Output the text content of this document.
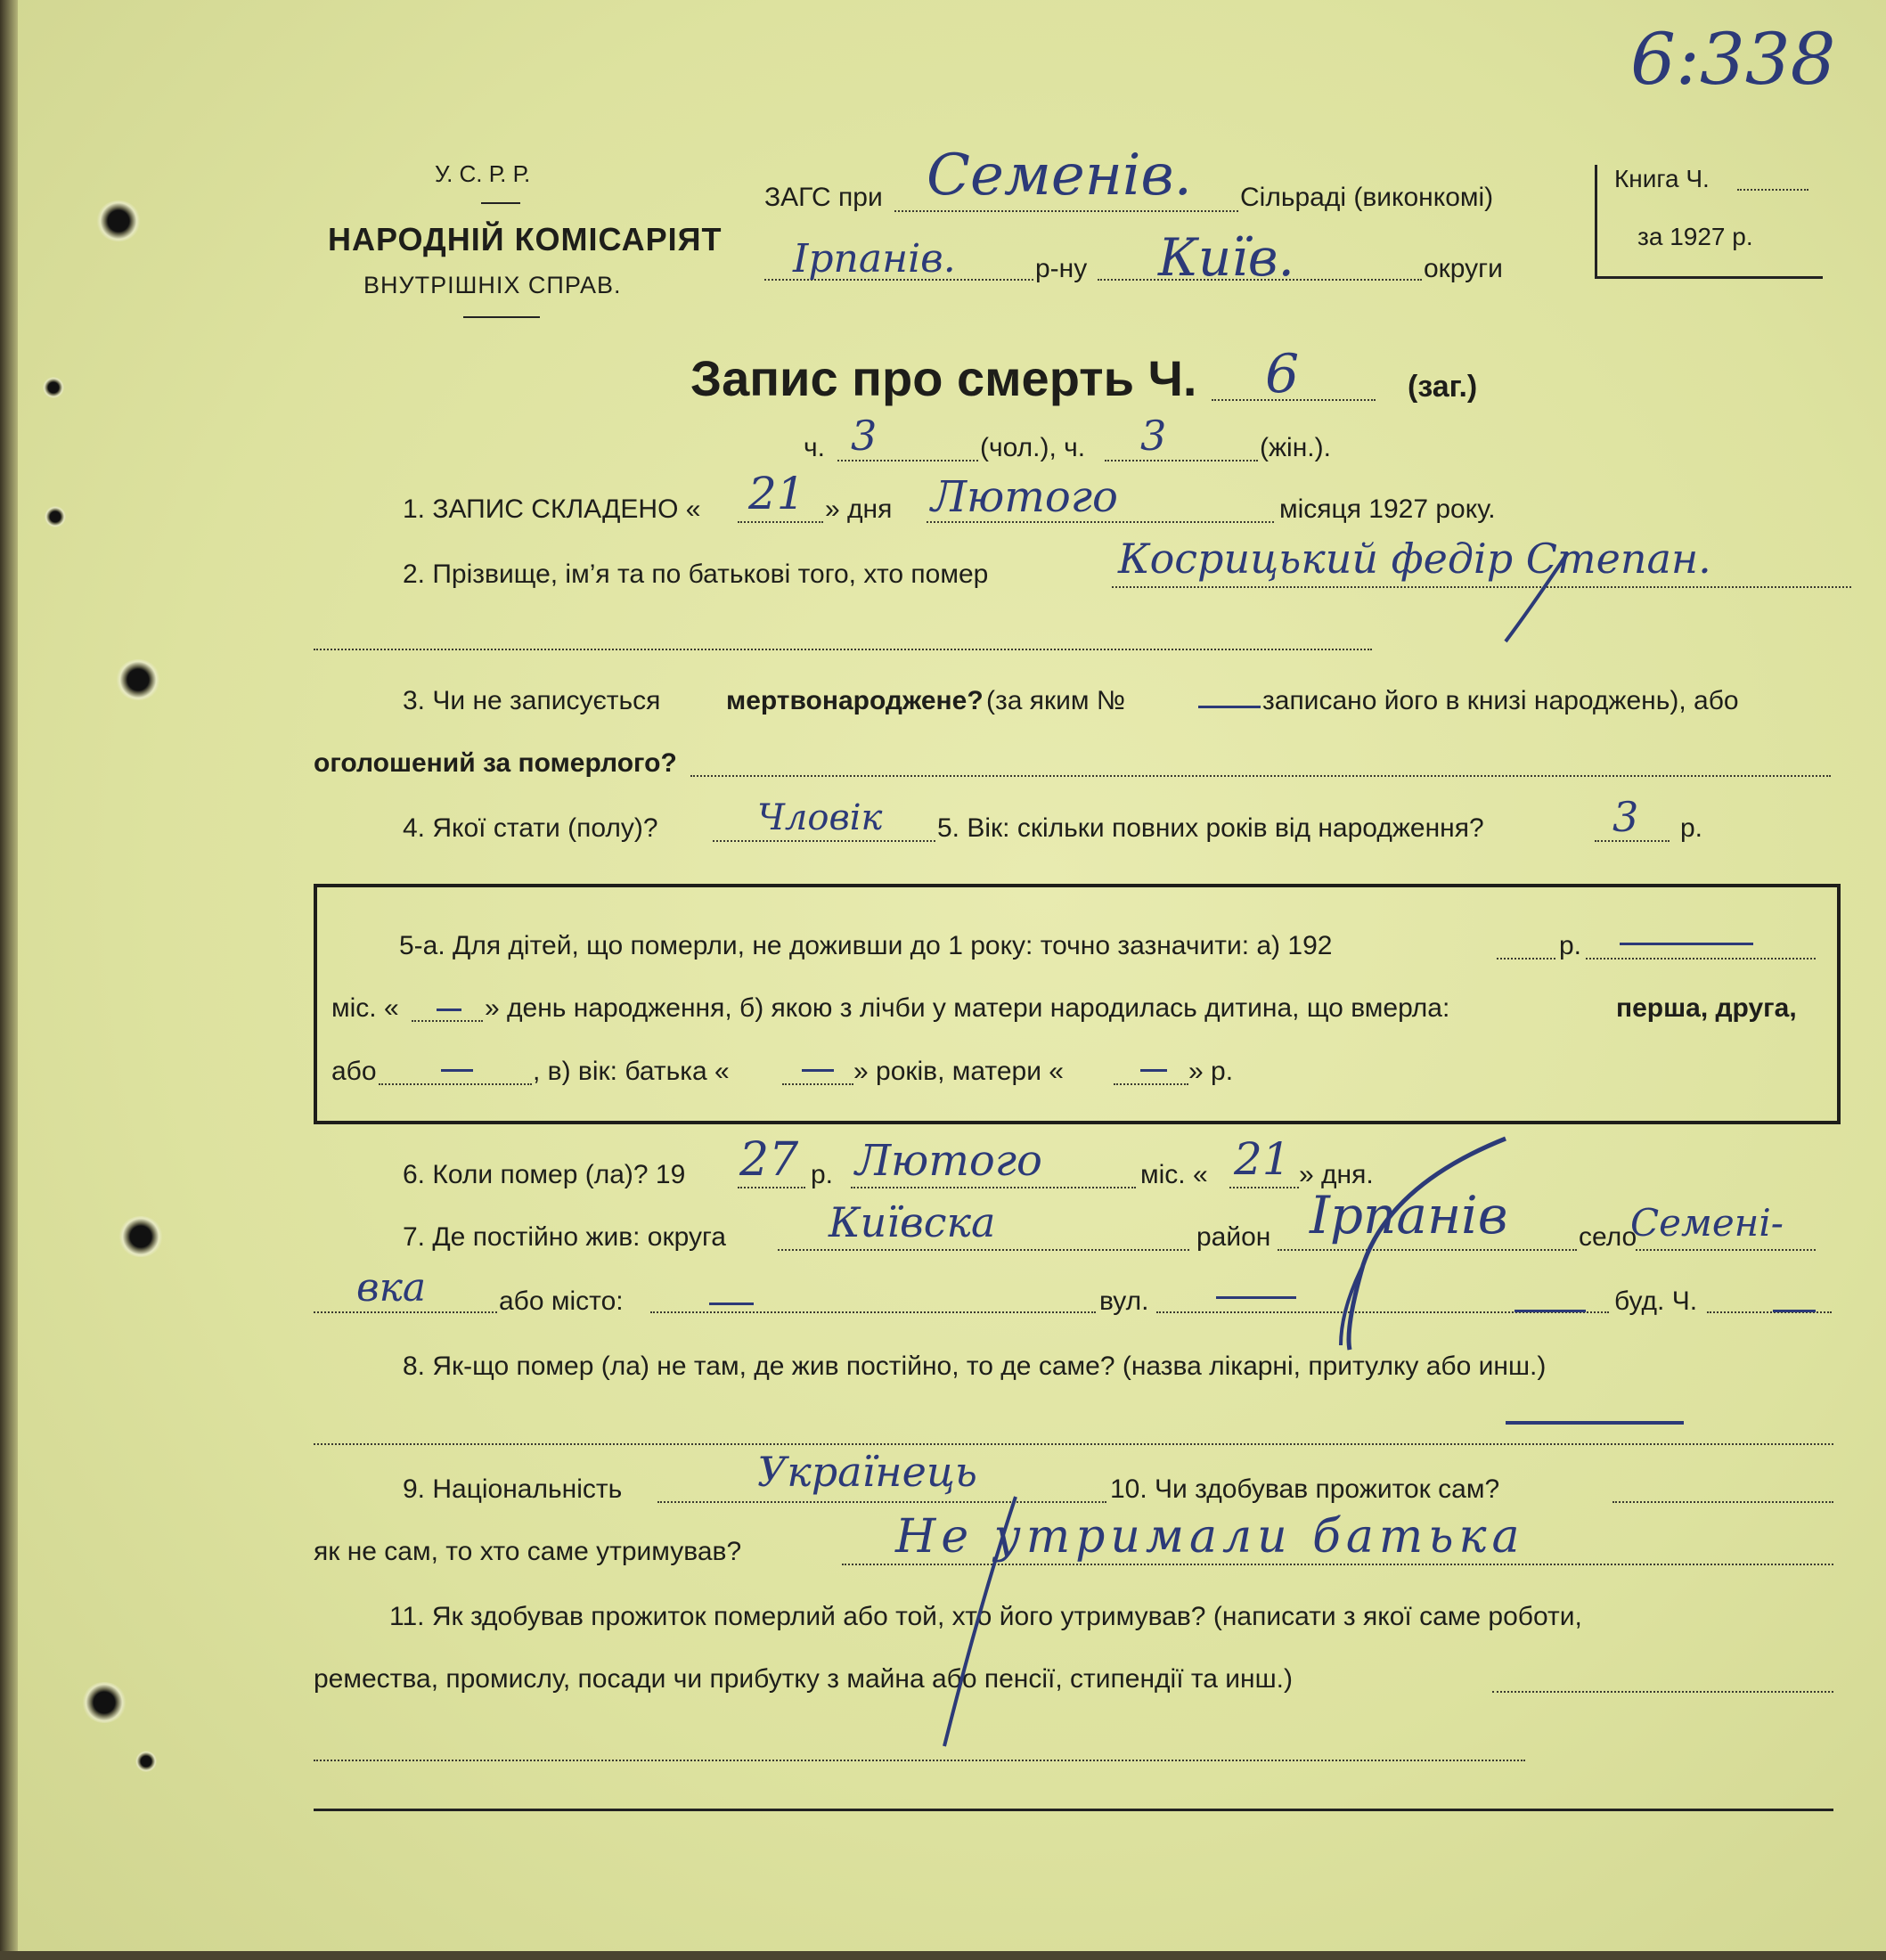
6:338
У. С. Р. Р.
НАРОДНІЙ КОМІСАРІЯТ
ВНУТРІШНІХ СПРАВ.
ЗАГС при Семенів. Сільраді (виконкомі)
Ірпанів.	р-ну Київ.	округи
Книга Ч.
за 1927 р.
Запис про смерть Ч. 6	(заг.)
ч. 3	(чол.), ч. 3	(жін.).
1. ЗАПИС СКЛАДЕНО « 21 » дня Лютого	місяця 1927 року.
2. Прізвище, ім’я та по батькові того, хто помер	Косрицький федір Степан.
3. Чи не записується мертвонароджене? (за яким №	записано його в книзі народжень), або
оголошений за померлого?
4. Якої стати (полу)?	Чловік 5. Вік: скільки повних років від народження?	3 р.
5-а. Для дітей, що померли, не доживши до 1 року: точно зазначити: а) 192	р.
міс. «	» день народження, б) якою з лічби у матери народилась дитина, що вмерла:	перша, друга,
або	, в) вік: батька «	» років, матери «	» р.
6. Коли помер (ла)? 19 27 р. Лютого	міс. « 21 » дня.
7. Де постійно жив: округа	Київска	район Ірпанів	село
Семені-
вка	або місто:	вул.	буд. Ч.
8. Як-що помер (ла) не там, де жив постійно, то де саме? (назва лікарні, притулку або инш.)
9. Національність	Українець	10. Чи здобував прожиток сам?
як не сам, то хто саме утримував?	Не утримали батька
11. Як здобував прожиток померлий або той, хто його утримував? (написати з якої саме роботи,
ремества, промислу, посади чи прибутку з майна або пенсії, стипендії та инш.)
